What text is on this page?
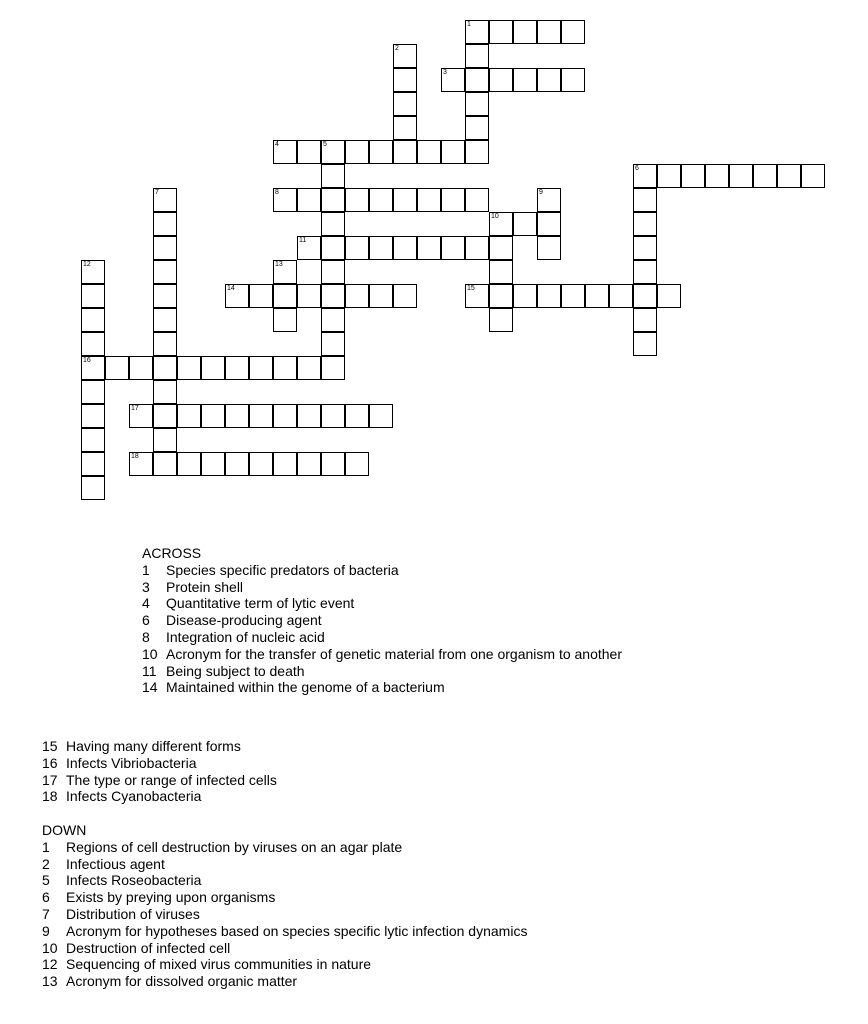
1
2
3
4	5
6
7	8	9
10
11
12	13
14	15
16
17
18
ACROSS
1 Species specific predators of bacteria
3 Protein shell
4 Quantitative term of lytic event
6 Disease-producing agent
8 Integration of nucleic acid
10 Acronym for the transfer of genetic material from one organism to another
11 Being subject to death
14 Maintained within the genome of a bacterium
15 Having many different forms
16 Infects Vibriobacteria
17 The type or range of infected cells
18 Infects Cyanobacteria
DOWN
1 Regions of cell destruction by viruses on an agar plate
2 Infectious agent
5 Infects Roseobacteria
6 Exists by preying upon organisms
7 Distribution of viruses
9 Acronym for hypotheses based on species specific lytic infection dynamics
10 Destruction of infected cell
12 Sequencing of mixed virus communities in nature
13 Acronym for dissolved organic matter
